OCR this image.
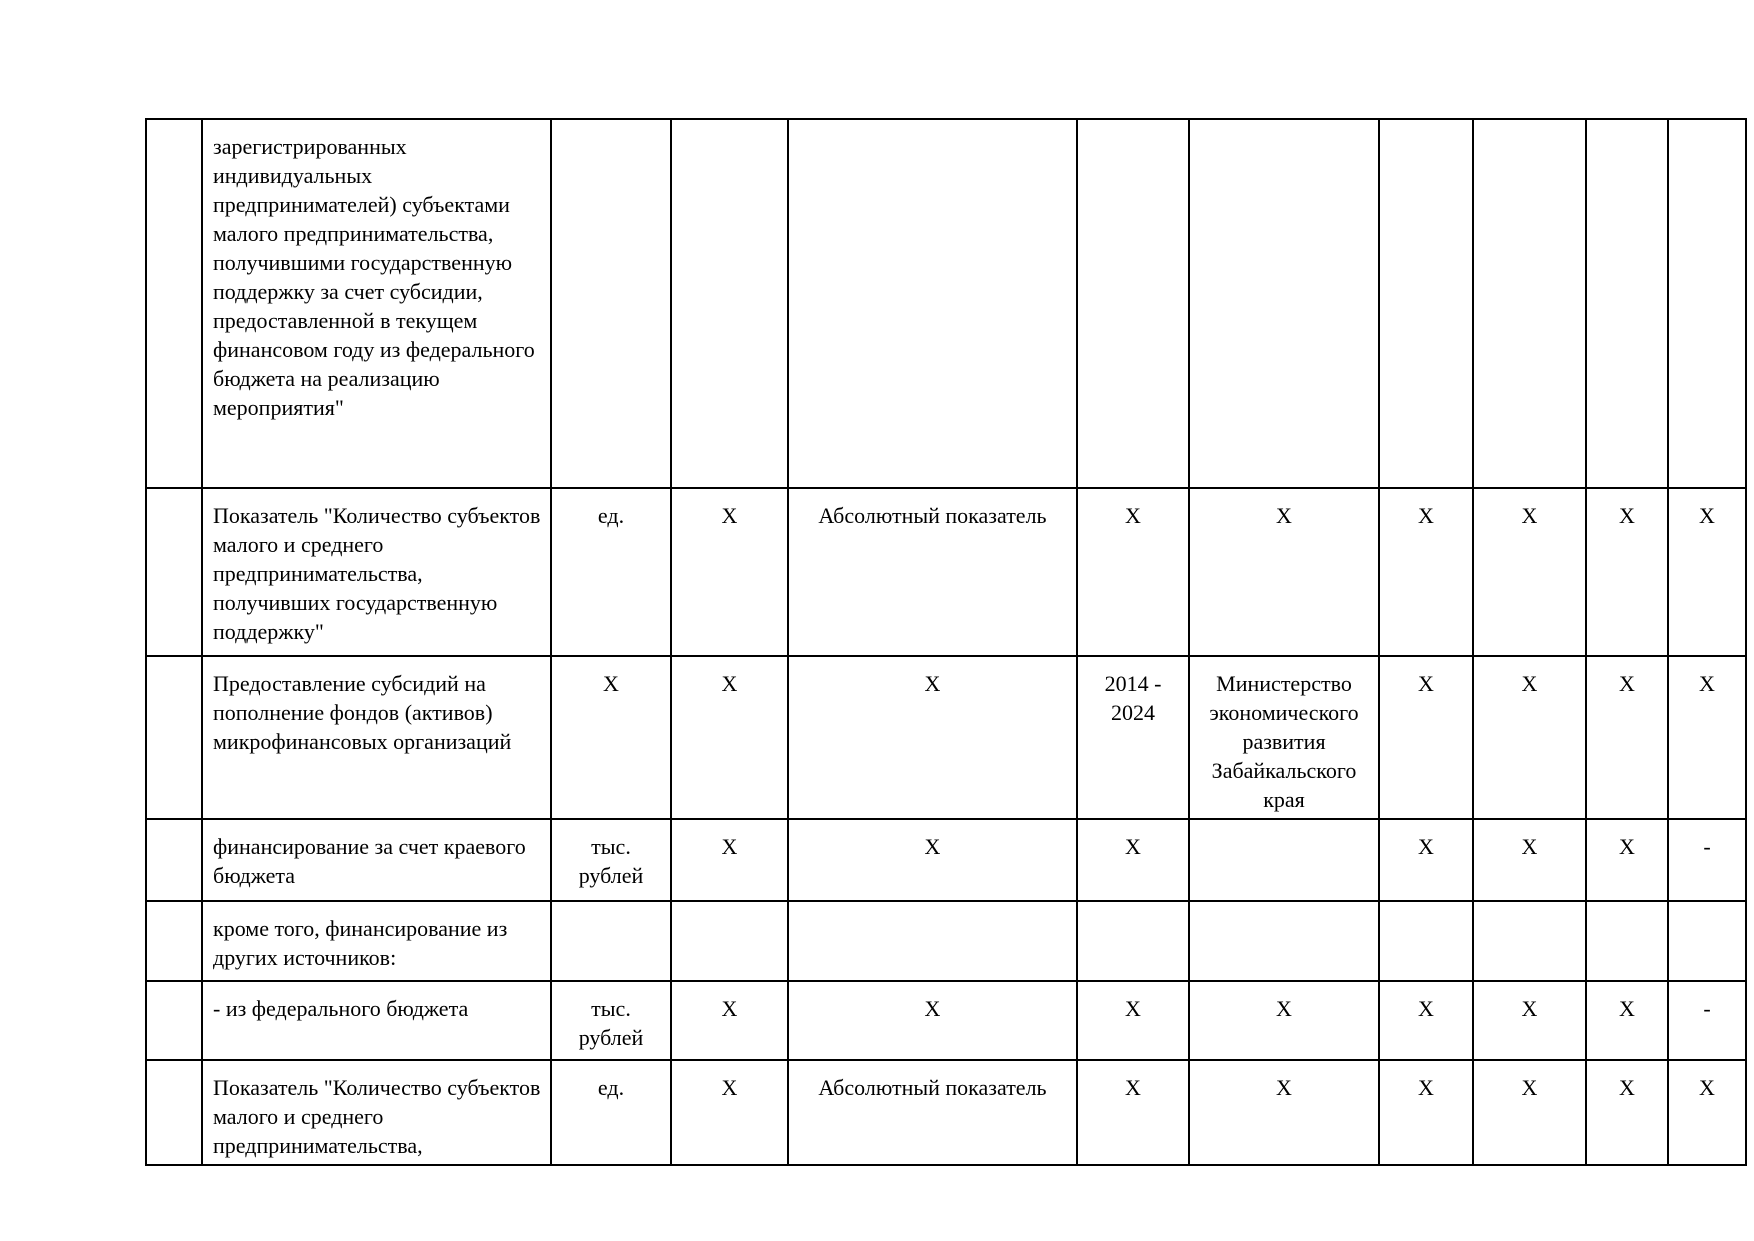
	зарегистрированных индивидуальных предпринимателей) субъектами малого предпринимательства, получившими государственную поддержку за счет субсидии, предоставленной в текущем финансовом году из федерального бюджета на реализацию мероприятия"									
	Показатель "Количество субъектов малого и среднего предпринимательства, получивших государственную поддержку"	ед.	Х	Абсолютный показатель	Х	Х	Х	Х	Х	Х
	Предоставление субсидий на пополнение фондов (активов) микрофинансовых организаций	Х	Х	Х	2014 - 2024	Министерство экономического развития Забайкальского края	Х	Х	Х	Х
	финансирование за счет краевого бюджета	тыс. рублей	Х	Х	Х		Х	Х	Х	-
	кроме того, финансирование из других источников:									
	- из федерального бюджета	тыс. рублей	Х	Х	Х	Х	Х	Х	Х	-
	Показатель "Количество субъектов малого и среднего предпринимательства,	ед.	Х	Абсолютный показатель	Х	Х	Х	Х	Х	Х
